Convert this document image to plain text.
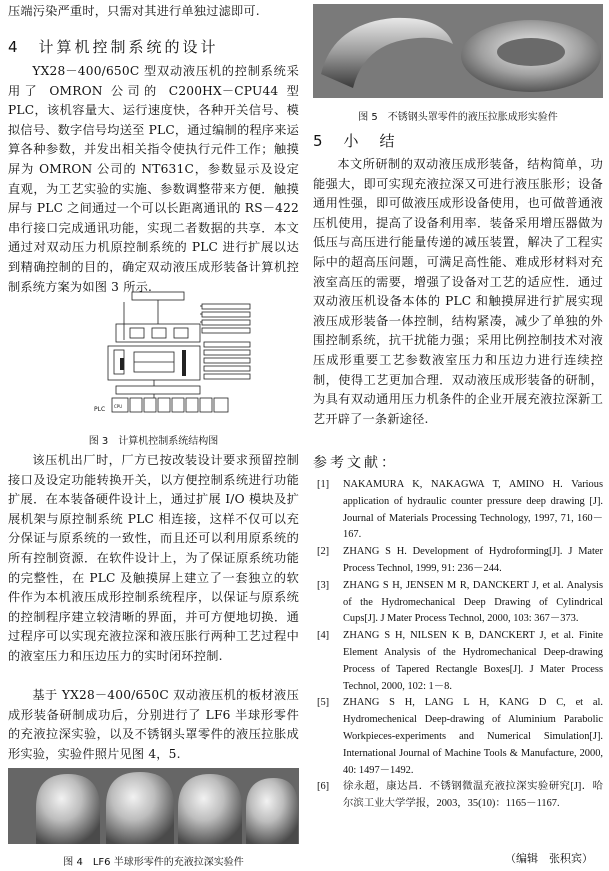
压端污染严重时，只需对其进行单独过滤即可.

4　计算机控制系统的设计

YX28－400/650C 型双动液压机的控制系统采用了 OMRON 公司的 C200HX－CPU44 型 PLC，该机容量大、运行速度快，各种开关信号、模拟信号、数字信号均送至 PLC，通过编制的程序来运算各种参数，并发出相关指令使执行元件工作；触摸屏为 OMRON 公司的 NT631C，参数显示及设定直观，为工艺实验的实施、参数调整带来方便．触摸屏与 PLC 之间通过一个可以长距离通讯的 RS－422 串行接口完成通讯功能，实现二者数据的共享．本文通过对双动压力机原控制系统的 PLC 进行扩展以达到精确控制的目的，确定双动液压成形装备计算机控制系统方案为如图 3 所示.

PLC CPU

图 3　计算机控制系统结构图

该压机出厂时，厂方已按改装设计要求预留控制接口及设定功能转换开关，以方便控制系统进行功能扩展．在本装备硬件设计上，通过扩展 I/O 模块及扩展机架与原控制系统 PLC 相连接，这样不仅可以充分保证与原系统的一致性，而且还可以利用原系统的所有控制资源．在软件设计上，为了保证原系统功能的完整性，在 PLC 及触摸屏上建立了一套独立的软件作为本机液压成形控制系统程序，以保证与原系统的控制程序建立较清晰的界面，并可方便地切换．通过程序可以实现充液拉深和液压胀行两种工艺过程中的液室压力和压边压力的实时闭环控制.

基于 YX28－400/650C 双动液压机的板材液压成形装备研制成功后，分别进行了 LF6 半球形零件的充液拉深实验，以及不锈钢头罩零件的液压拉胀成形实验，实验件照片见图 4，5.

图 4　LF6 半球形零件的充液拉深实验件

图 5　不锈钢头罩零件的液压拉胀成形实验件

5　小　结

本文所研制的双动液压成形装备，结构简单，功能强大，即可实现充液拉深又可进行液压胀形；设备通用性强，即可做液压成形设备使用，也可做普通液压机使用，提高了设备利用率．装备采用增压器做为低压与高压进行能量传递的减压装置，解决了工程实际中的超高压问题，可满足高性能、难成形材料对充液室高压的需要，增强了设备对工艺的适应性．通过双动液压机设备本体的 PLC 和触摸屏进行扩展实现液压成形装备一体控制，结构紧凑，减少了单独的外围控制系统，抗干扰能力强；采用比例控制技术对液压成形重要工艺参数液室压力和压边力进行连续控制，使得工艺更加合理．双动液压成形装备的研制，为具有双动通用压力机条件的企业开展充液拉深新工艺开辟了一条新途径.

参考文献：

[1] NAKAMURA K, NAKAGWA T, AMINO H. Various application of hydraulic counter pressure deep drawing [J]. Journal of Materials Processing Technology, 1997, 71, 160－167.

[2] ZHANG S H. Development of Hydroforming[J]. J Mater Process Technol, 1999, 91: 236－244.

[3] ZHANG S H, JENSEN M R, DANCKERT J, et al. Analysis of the Hydromechanical Deep Drawing of Cylindrical Cups[J]. J Mater Process Technol, 2000, 103: 367－373.

[4] ZHANG S H, NILSEN K B, DANCKERT J, et al. Finite Element Analysis of the Hydromechanical Deep-drawing Process of Tapered Rectangle Boxes[J]. J Mater Process Technol, 2000, 102: 1－8.

[5] ZHANG S H, LANG L H, KANG D C, et al. Hydromechenical Deep-drawing of Aluminium Parabolic Workpieces-experiments and Numerical Simulation[J]. International Journal of Machine Tools & Manufacture, 2000, 40: 1497－1492.

[6] 徐永超，康达昌．不锈钢微温充液拉深实验研究[J]．哈尔滨工业大学学报，2003，35(10)：1165－1167.

（编辑　张积宾）
